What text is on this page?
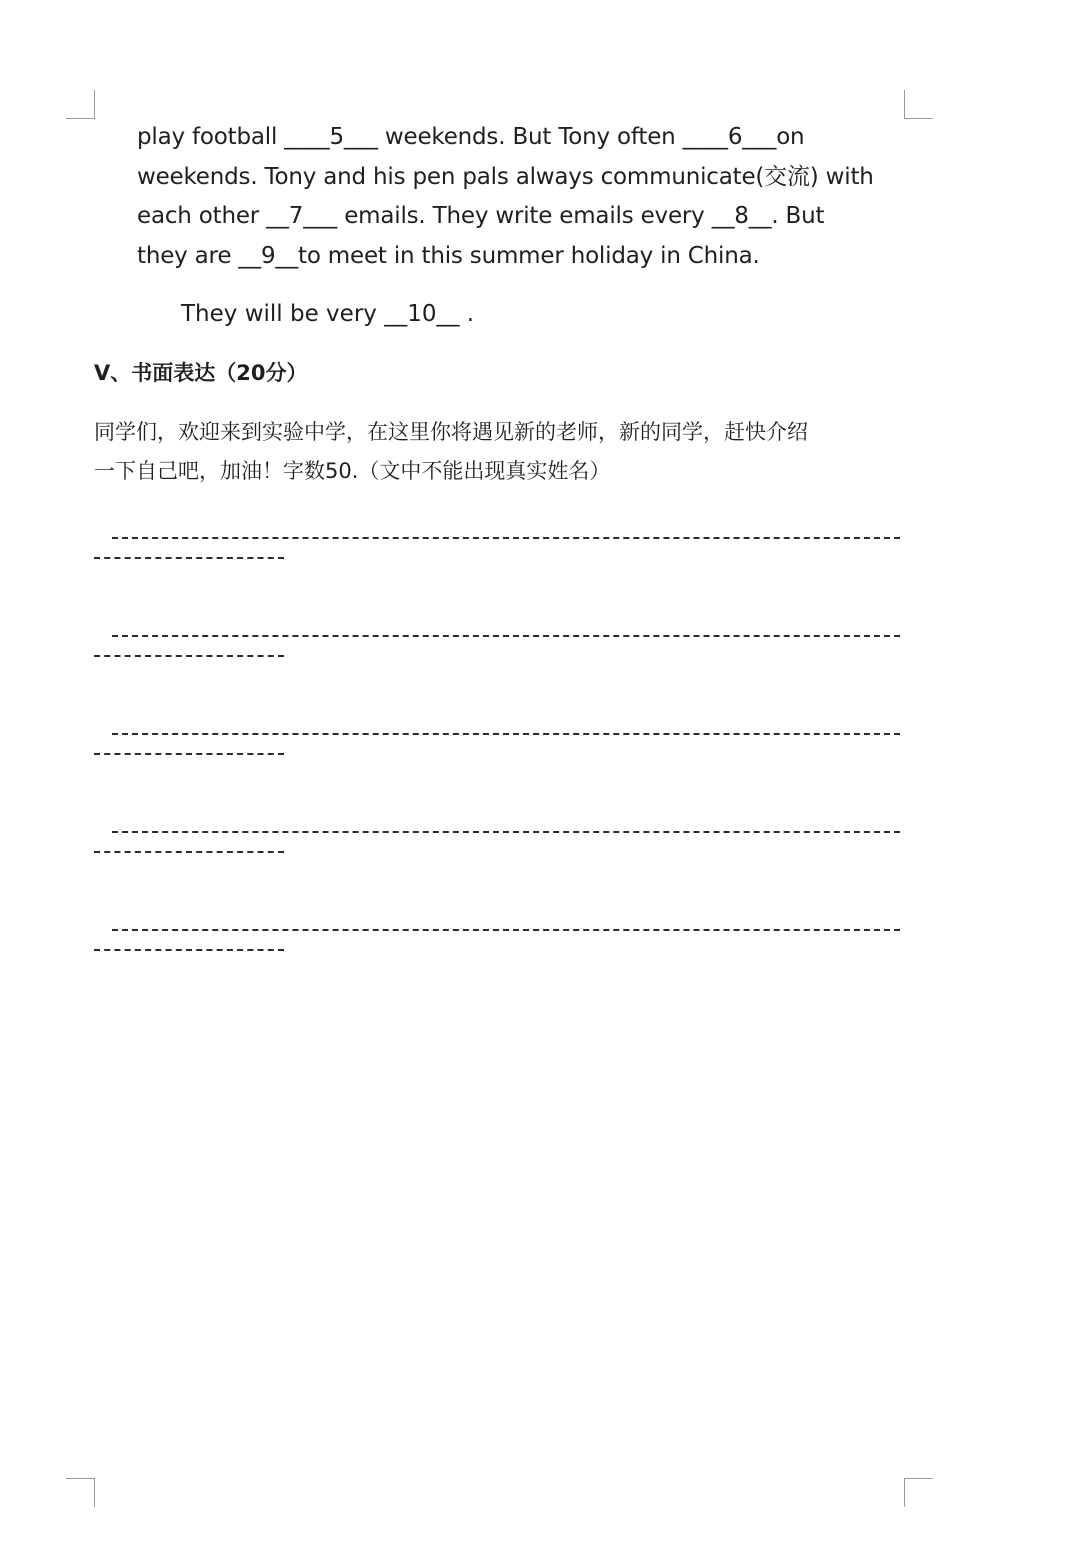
play football ____5___ weekends. But Tony often ____6___on
weekends. Tony and his pen pals always communicate(交流) with
each other __7___ emails. They write emails every __8__. But
they are __9__to meet in this summer holiday in China.
They will be very __10__ .
V、书面表达（20分）
同学们，欢迎来到实验中学，在这里你将遇见新的老师，新的同学，赶快介绍
一下自己吧，加油！字数50.（文中不能出现真实姓名）
